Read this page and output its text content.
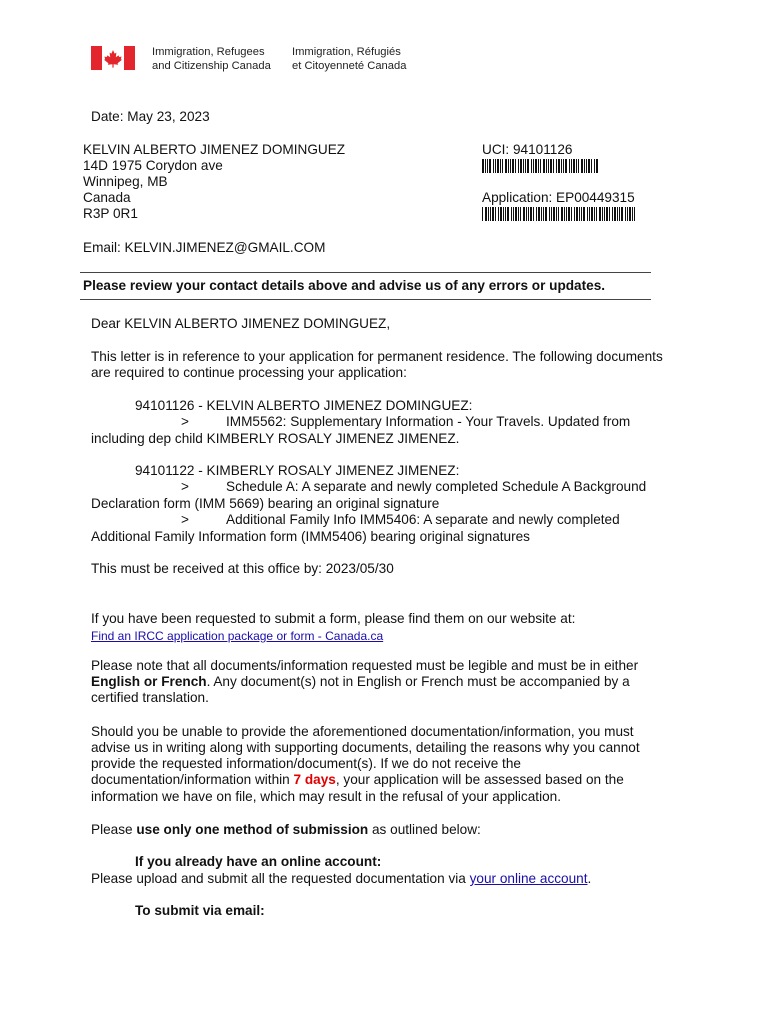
Immigration, Refugees
and Citizenship Canada
Immigration, Réfugiés
et Citoyenneté Canada
Date: May 23, 2023
KELVIN ALBERTO JIMENEZ DOMINGUEZ
14D 1975 Corydon ave
Winnipeg, MB
Canada
R3P 0R1
UCI: 94101126
Application: EP00449315
Email: KELVIN.JIMENEZ@GMAIL.COM
Please review your contact details above and advise us of any errors or updates.
Dear KELVIN ALBERTO JIMENEZ DOMINGUEZ,
This letter is in reference to your application for permanent residence. The following documents
are required to continue processing your application:
94101126 - KELVIN ALBERTO JIMENEZ DOMINGUEZ:
>	IMM5562: Supplementary Information - Your Travels. Updated from
including dep child KIMBERLY ROSALY JIMENEZ JIMENEZ.
94101122 - KIMBERLY ROSALY JIMENEZ JIMENEZ:
>	Schedule A: A separate and newly completed Schedule A Background
Declaration form (IMM 5669) bearing an original signature
>	Additional Family Info IMM5406: A separate and newly completed
Additional Family Information form (IMM5406) bearing original signatures
This must be received at this office by: 2023/05/30
If you have been requested to submit a form, please find them on our website at:
Find an IRCC application package or form - Canada.ca
Please note that all documents/information requested must be legible and must be in either
English or French. Any document(s) not in English or French must be accompanied by a
certified translation.
Should you be unable to provide the aforementioned documentation/information, you must
advise us in writing along with supporting documents, detailing the reasons why you cannot
provide the requested information/document(s). If we do not receive the
documentation/information within 7 days, your application will be assessed based on the
information we have on file, which may result in the refusal of your application.
Please use only one method of submission as outlined below:
If you already have an online account:
Please upload and submit all the requested documentation via your online account.
To submit via email:
